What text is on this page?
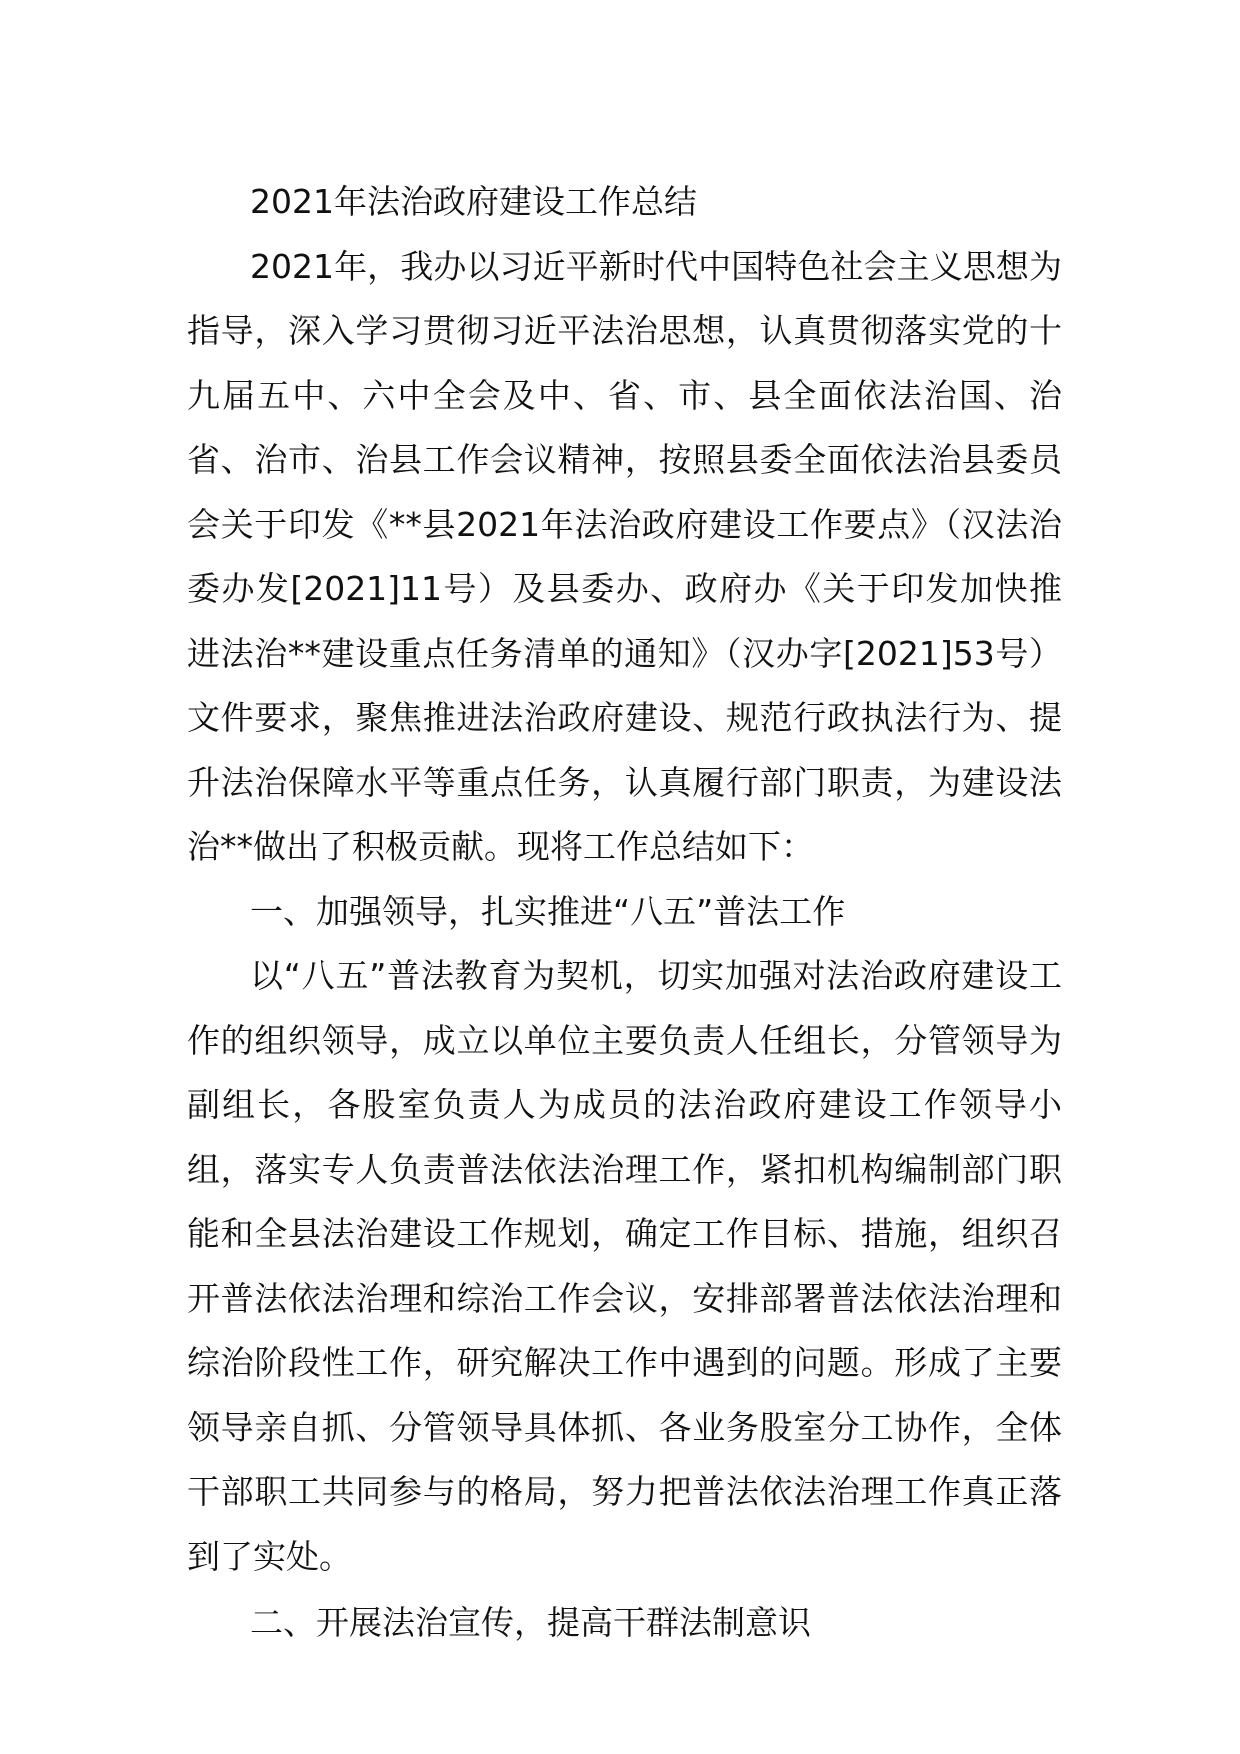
2021年法治政府建设工作总结

2021年，我办以习近平新时代中国特色社会主义思想为指导，深入学习贯彻习近平法治思想，认真贯彻落实党的十九届五中、六中全会及中、省、市、县全面依法治国、治省、治市、治县工作会议精神，按照县委全面依法治县委员会关于印发《**县2021年法治政府建设工作要点》（汉法治委办发[2021]11号）及县委办、政府办《关于印发加快推进法治**建设重点任务清单的通知》（汉办字[2021]53号）文件要求，聚焦推进法治政府建设、规范行政执法行为、提升法治保障水平等重点任务，认真履行部门职责，为建设法治**做出了积极贡献。现将工作总结如下：

一、加强领导，扎实推进“八五”普法工作

以“八五”普法教育为契机，切实加强对法治政府建设工作的组织领导，成立以单位主要负责人任组长，分管领导为副组长，各股室负责人为成员的法治政府建设工作领导小组，落实专人负责普法依法治理工作，紧扣机构编制部门职能和全县法治建设工作规划，确定工作目标、措施，组织召开普法依法治理和综治工作会议，安排部署普法依法治理和综治阶段性工作，研究解决工作中遇到的问题。形成了主要领导亲自抓、分管领导具体抓、各业务股室分工协作，全体干部职工共同参与的格局，努力把普法依法治理工作真正落到了实处。

二、开展法治宣传，提高干群法制意识
